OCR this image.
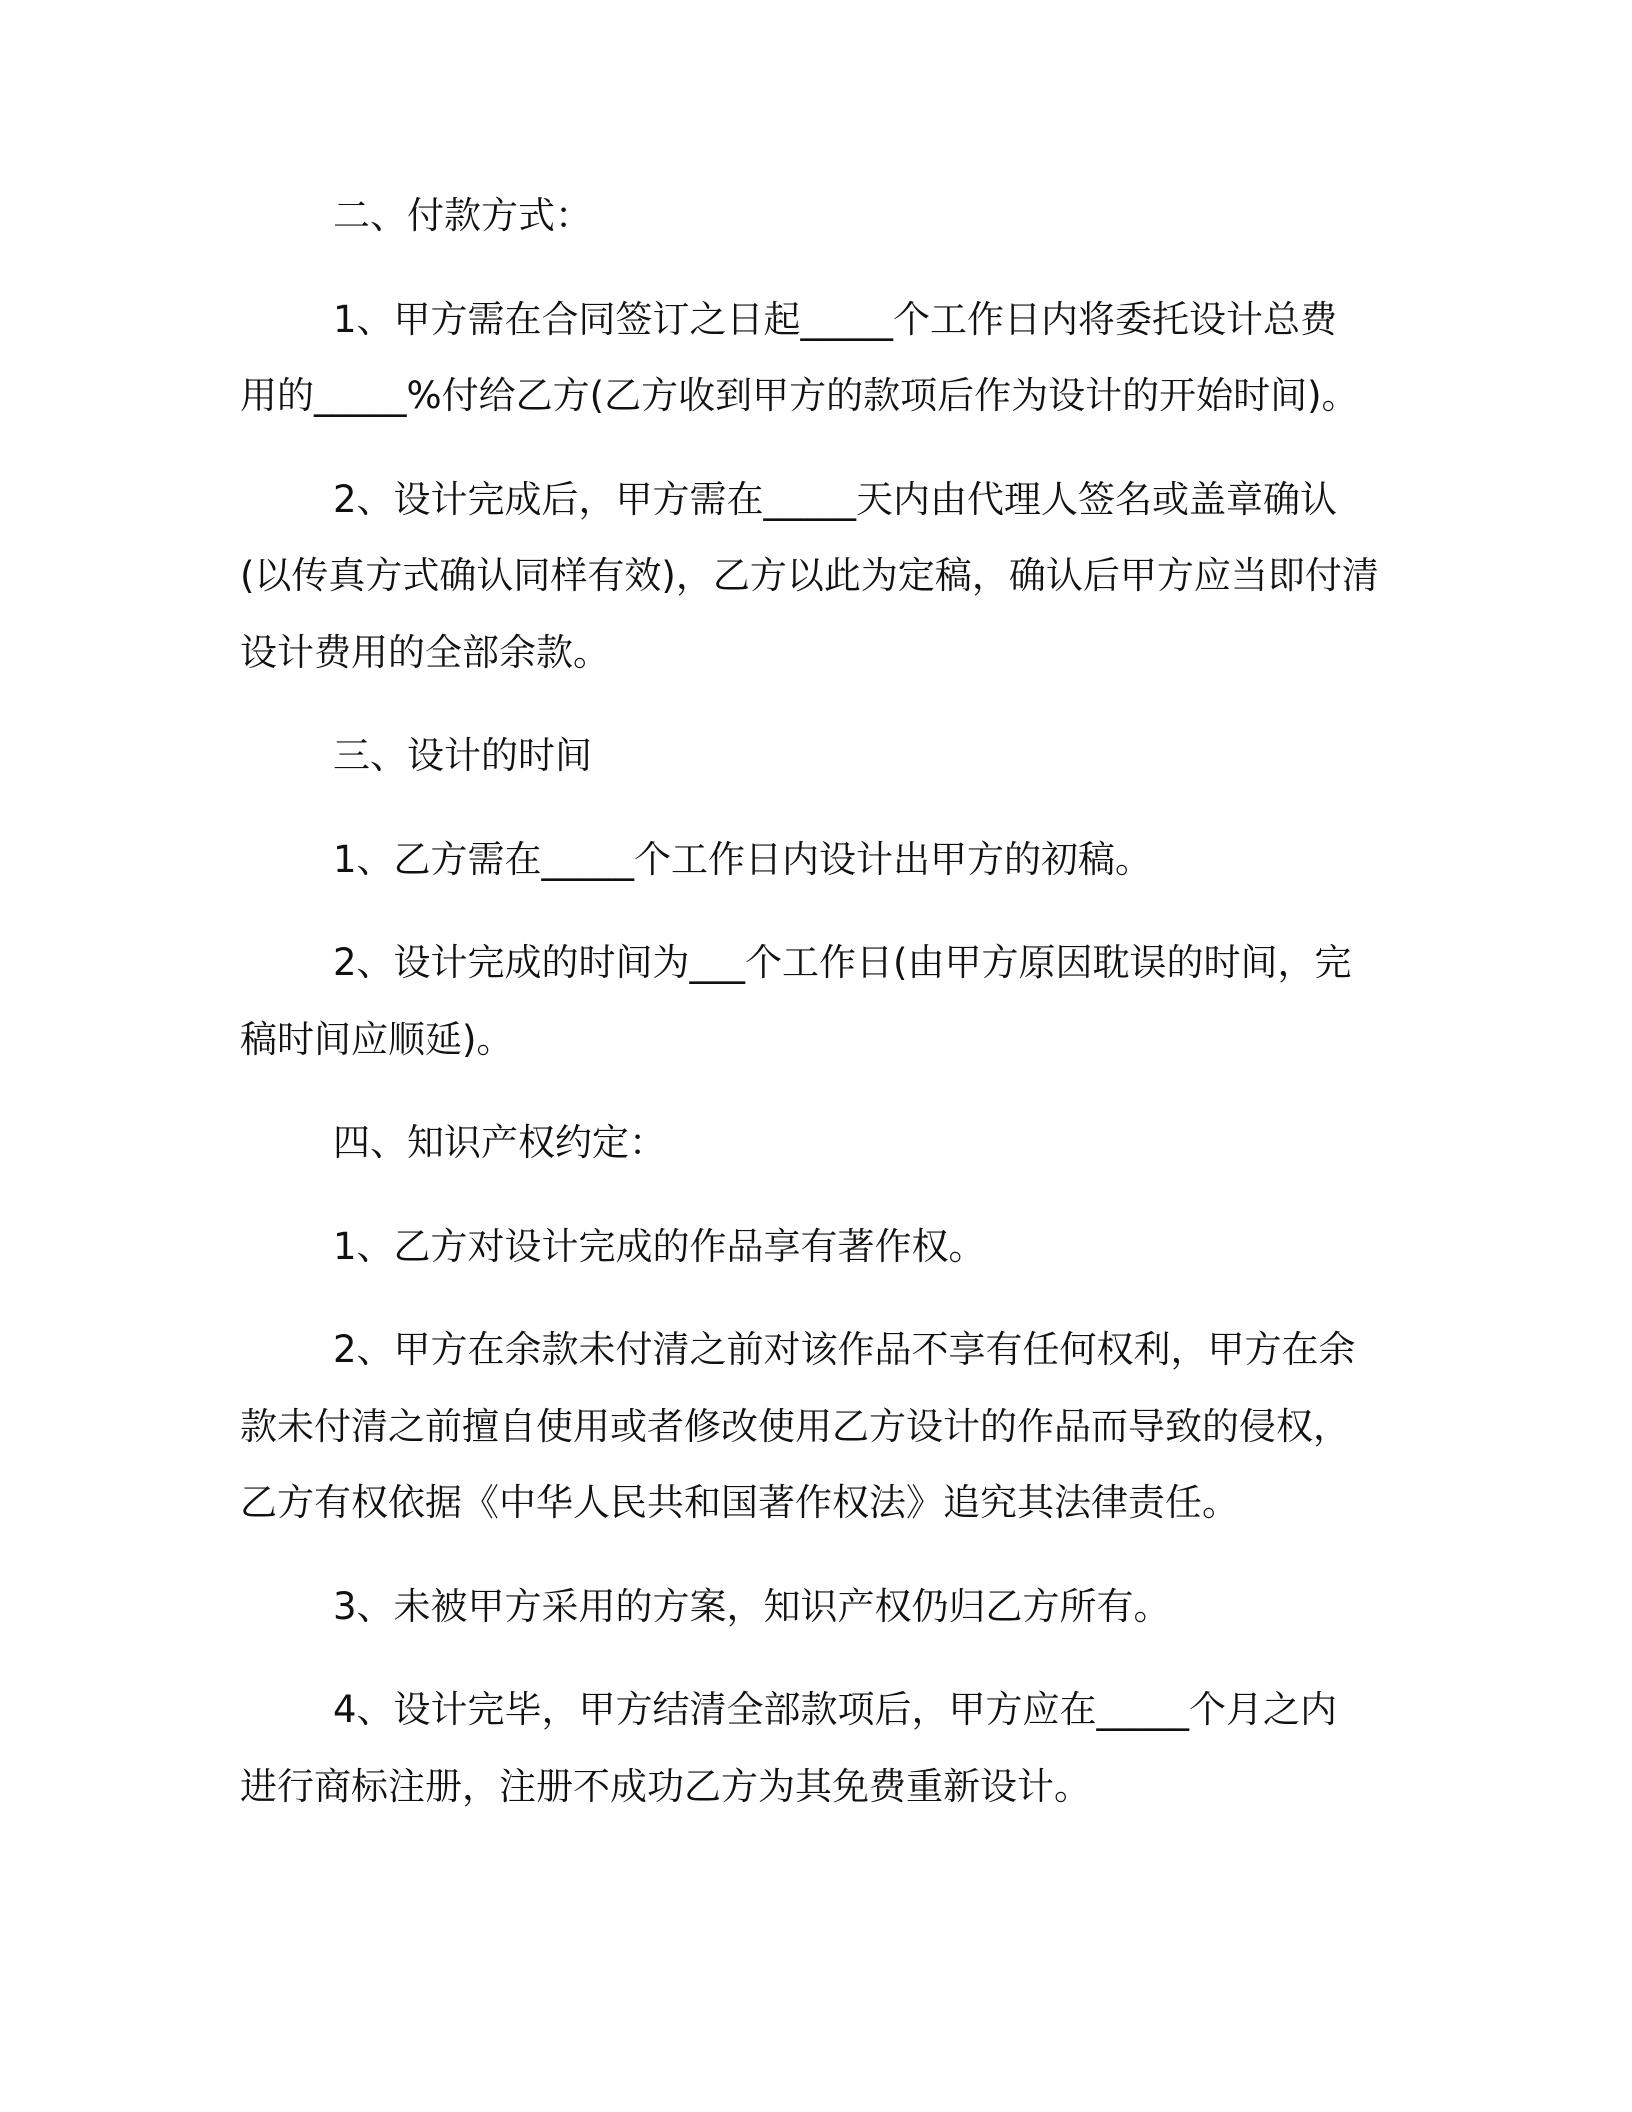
二、付款方式：
1、甲方需在合同签订之日起_____个工作日内将委托设计总费
用的_____%付给乙方(乙方收到甲方的款项后作为设计的开始时间)。
2、设计完成后，甲方需在_____天内由代理人签名或盖章确认
(以传真方式确认同样有效)，乙方以此为定稿，确认后甲方应当即付清
设计费用的全部余款。
三、设计的时间
1、乙方需在_____个工作日内设计出甲方的初稿。
2、设计完成的时间为___个工作日(由甲方原因耽误的时间，完
稿时间应顺延)。
四、知识产权约定：
1、乙方对设计完成的作品享有著作权。
2、甲方在余款未付清之前对该作品不享有任何权利，甲方在余
款未付清之前擅自使用或者修改使用乙方设计的作品而导致的侵权，
乙方有权依据《中华人民共和国著作权法》追究其法律责任。
3、未被甲方采用的方案，知识产权仍归乙方所有。
4、设计完毕，甲方结清全部款项后，甲方应在_____个月之内
进行商标注册，注册不成功乙方为其免费重新设计。
